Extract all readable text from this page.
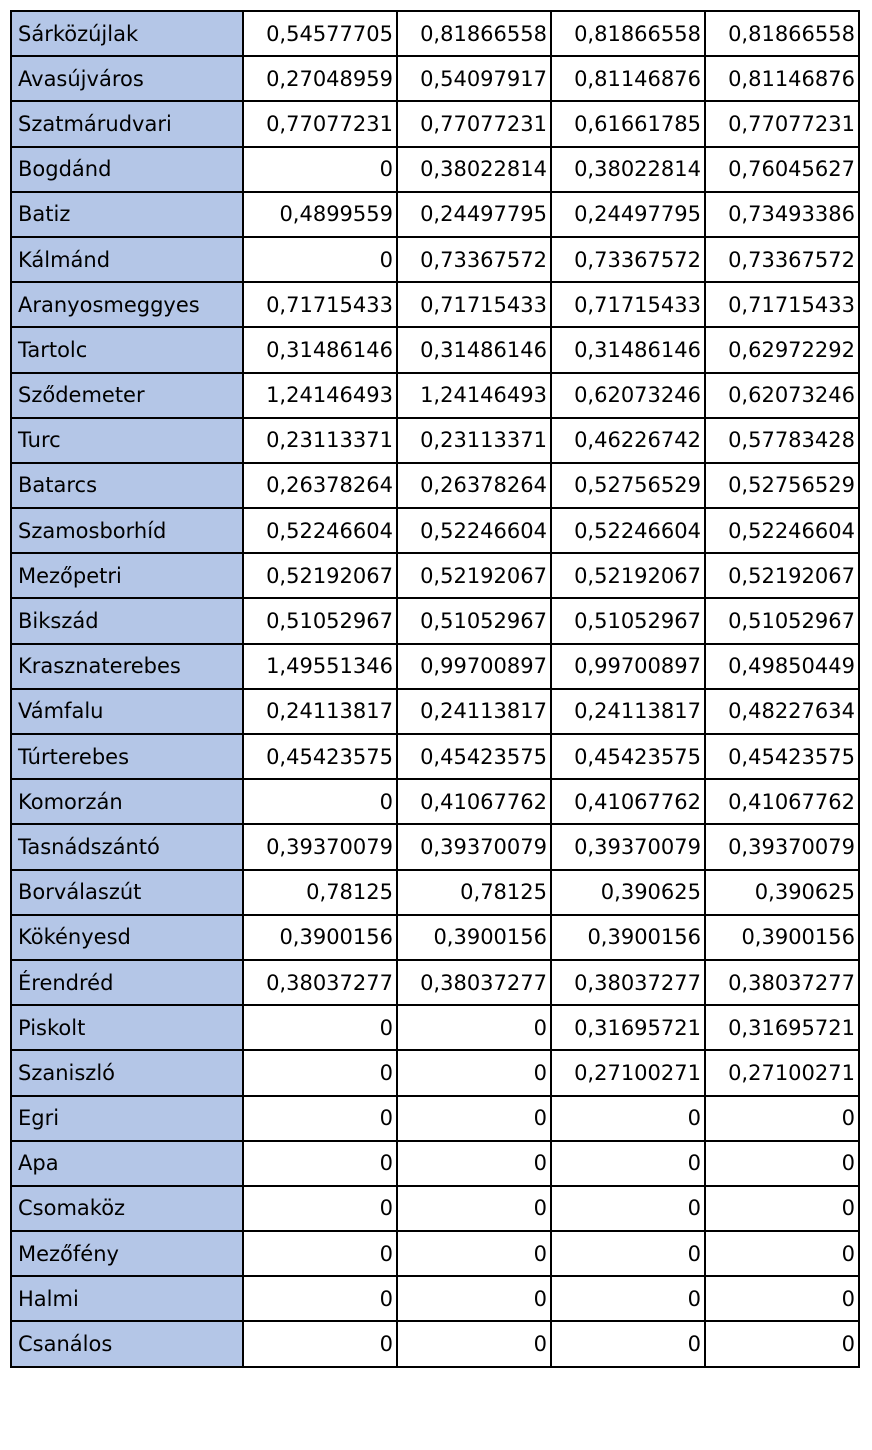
Sárközújlak	0,54577705	0,81866558	0,81866558	0,81866558
Avasújváros	0,27048959	0,54097917	0,81146876	0,81146876
Szatmárudvari	0,77077231	0,77077231	0,61661785	0,77077231
Bogdánd	0	0,38022814	0,38022814	0,76045627
Batiz	0,4899559	0,24497795	0,24497795	0,73493386
Kálmánd	0	0,73367572	0,73367572	0,73367572
Aranyosmeggyes	0,71715433	0,71715433	0,71715433	0,71715433
Tartolc	0,31486146	0,31486146	0,31486146	0,62972292
Sződemeter	1,24146493	1,24146493	0,62073246	0,62073246
Turc	0,23113371	0,23113371	0,46226742	0,57783428
Batarcs	0,26378264	0,26378264	0,52756529	0,52756529
Szamosborhíd	0,52246604	0,52246604	0,52246604	0,52246604
Mezőpetri	0,52192067	0,52192067	0,52192067	0,52192067
Bikszád	0,51052967	0,51052967	0,51052967	0,51052967
Krasznaterebes	1,49551346	0,99700897	0,99700897	0,49850449
Vámfalu	0,24113817	0,24113817	0,24113817	0,48227634
Túrterebes	0,45423575	0,45423575	0,45423575	0,45423575
Komorzán	0	0,41067762	0,41067762	0,41067762
Tasnádszántó	0,39370079	0,39370079	0,39370079	0,39370079
Borválaszút	0,78125	0,78125	0,390625	0,390625
Kökényesd	0,3900156	0,3900156	0,3900156	0,3900156
Érendréd	0,38037277	0,38037277	0,38037277	0,38037277
Piskolt	0	0	0,31695721	0,31695721
Szaniszló	0	0	0,27100271	0,27100271
Egri	0	0	0	0
Apa	0	0	0	0
Csomaköz	0	0	0	0
Mezőfény	0	0	0	0
Halmi	0	0	0	0
Csanálos	0	0	0	0
